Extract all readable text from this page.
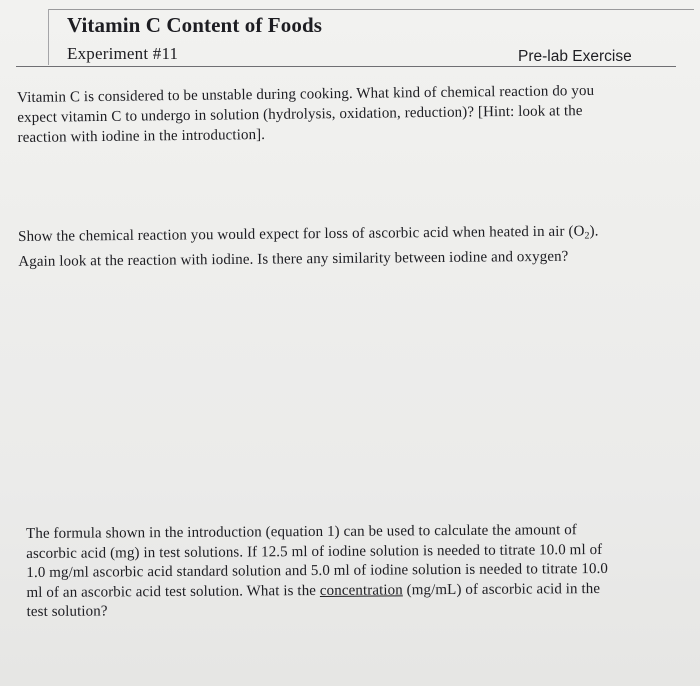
Vitamin C Content of Foods

Experiment #11	Pre-lab Exercise

Vitamin C is considered to be unstable during cooking. What kind of chemical reaction do you
expect vitamin C to undergo in solution (hydrolysis, oxidation, reduction)? [Hint: look at the
reaction with iodine in the introduction].

Show the chemical reaction you would expect for loss of ascorbic acid when heated in air $(O_2)$.
Again look at the reaction with iodine. Is there any similarity between iodine and oxygen?

The formula shown in the introduction (equation 1) can be used to calculate the amount of
ascorbic acid (mg) in test solutions. If 12.5 ml of iodine solution is needed to titrate 10.0 ml of
1.0 mg/ml ascorbic acid standard solution and 5.0 ml of iodine solution is needed to titrate 10.0
ml of an ascorbic acid test solution. What is the concentration (mg/mL) of ascorbic acid in the
test solution?
